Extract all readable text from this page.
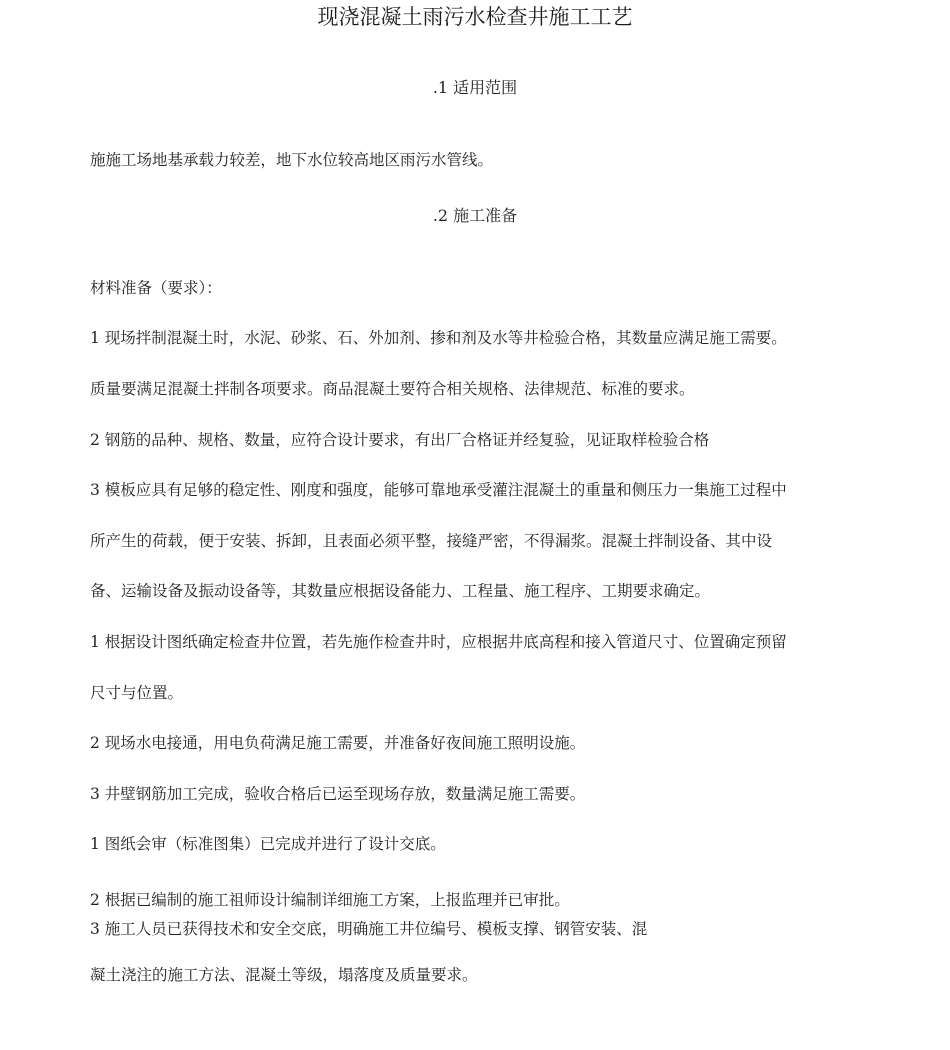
现浇混凝土雨污水检查井施工工艺
.1 适用范围
施施工场地基承载力较差，地下水位较高地区雨污水管线。
.2 施工准备
材料准备（要求）：
1 现场拌制混凝土时，水泥、砂浆、石、外加剂、掺和剂及水等井检验合格，其数量应满足施工需要。
质量要满足混凝土拌制各项要求。商品混凝土要符合相关规格、法律规范、标准的要求。
2 钢筋的品种、规格、数量，应符合设计要求，有出厂合格证并经复验，见证取样检验合格
3 模板应具有足够的稳定性、刚度和强度，能够可靠地承受灌注混凝土的重量和侧压力一集施工过程中
所产生的荷载，便于安装、拆卸，且表面必须平整，接缝严密，不得漏浆。混凝土拌制设备、其中设
备、运输设备及振动设备等，其数量应根据设备能力、工程量、施工程序、工期要求确定。
1 根据设计图纸确定检查井位置，若先施作检查井时，应根据井底高程和接入管道尺寸、位置确定预留
尺寸与位置。
2 现场水电接通，用电负荷满足施工需要，并准备好夜间施工照明设施。
3 井壁钢筋加工完成，验收合格后已运至现场存放，数量满足施工需要。
1 图纸会审（标准图集）已完成并进行了设计交底。
2 根据已编制的施工祖师设计编制详细施工方案，上报监理并已审批。
3 施工人员已获得技术和安全交底，明确施工井位编号、模板支撑、钢管安装、混
凝土浇注的施工方法、混凝土等级，塌落度及质量要求。
